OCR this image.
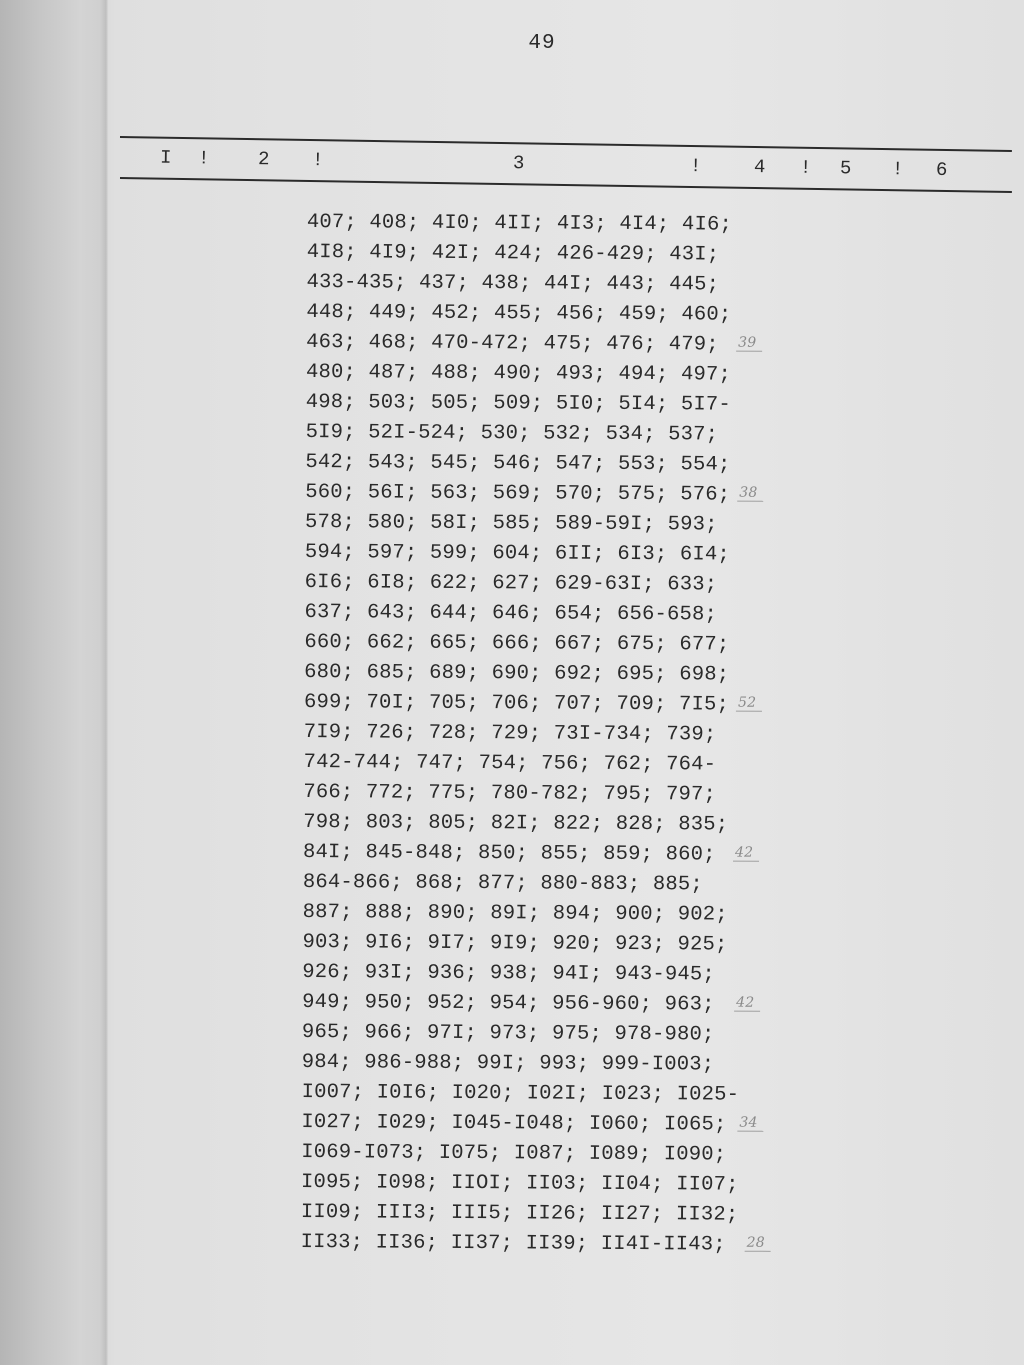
49
I !	2 !	3	!	4 ! 5 ! 6
407; 408; 4I0; 4II; 4I3; 4I4; 4I6;
4I8; 4I9; 42I; 424; 426-429; 43I;
433-435; 437; 438; 44I; 443; 445;
448; 449; 452; 455; 456; 459; 460;
463; 468; 470-472; 475; 476; 479; 39
480; 487; 488; 490; 493; 494; 497;
498; 503; 505; 509; 5I0; 5I4; 5I7-
5I9; 52I-524; 530; 532; 534; 537;
542; 543; 545; 546; 547; 553; 554;
560; 56I; 563; 569; 570; 575; 576; 38
578; 580; 58I; 585; 589-59I; 593;
594; 597; 599; 604; 6II; 6I3; 6I4;
6I6; 6I8; 622; 627; 629-63I; 633;
637; 643; 644; 646; 654; 656-658;
660; 662; 665; 666; 667; 675; 677;
680; 685; 689; 690; 692; 695; 698;
699; 70I; 705; 706; 707; 709; 7I5; 52
7I9; 726; 728; 729; 73I-734; 739;
742-744; 747; 754; 756; 762; 764-
766; 772; 775; 780-782; 795; 797;
798; 803; 805; 82I; 822; 828; 835;
84I; 845-848; 850; 855; 859; 860; 42
864-866; 868; 877; 880-883; 885;
887; 888; 890; 89I; 894; 900; 902;
903; 9I6; 9I7; 9I9; 920; 923; 925;
926; 93I; 936; 938; 94I; 943-945;
949; 950; 952; 954; 956-960; 963; 42
965; 966; 97I; 973; 975; 978-980;
984; 986-988; 99I; 993; 999-I003;
I007; I0I6; I020; I02I; I023; I025-
I027; I029; I045-I048; I060; I065; 34
I069-I073; I075; I087; I089; I090;
I095; I098; IIOI; II03; II04; II07;
II09; III3; III5; II26; II27; II32;
II33; II36; II37; II39; II4I-II43; 28
